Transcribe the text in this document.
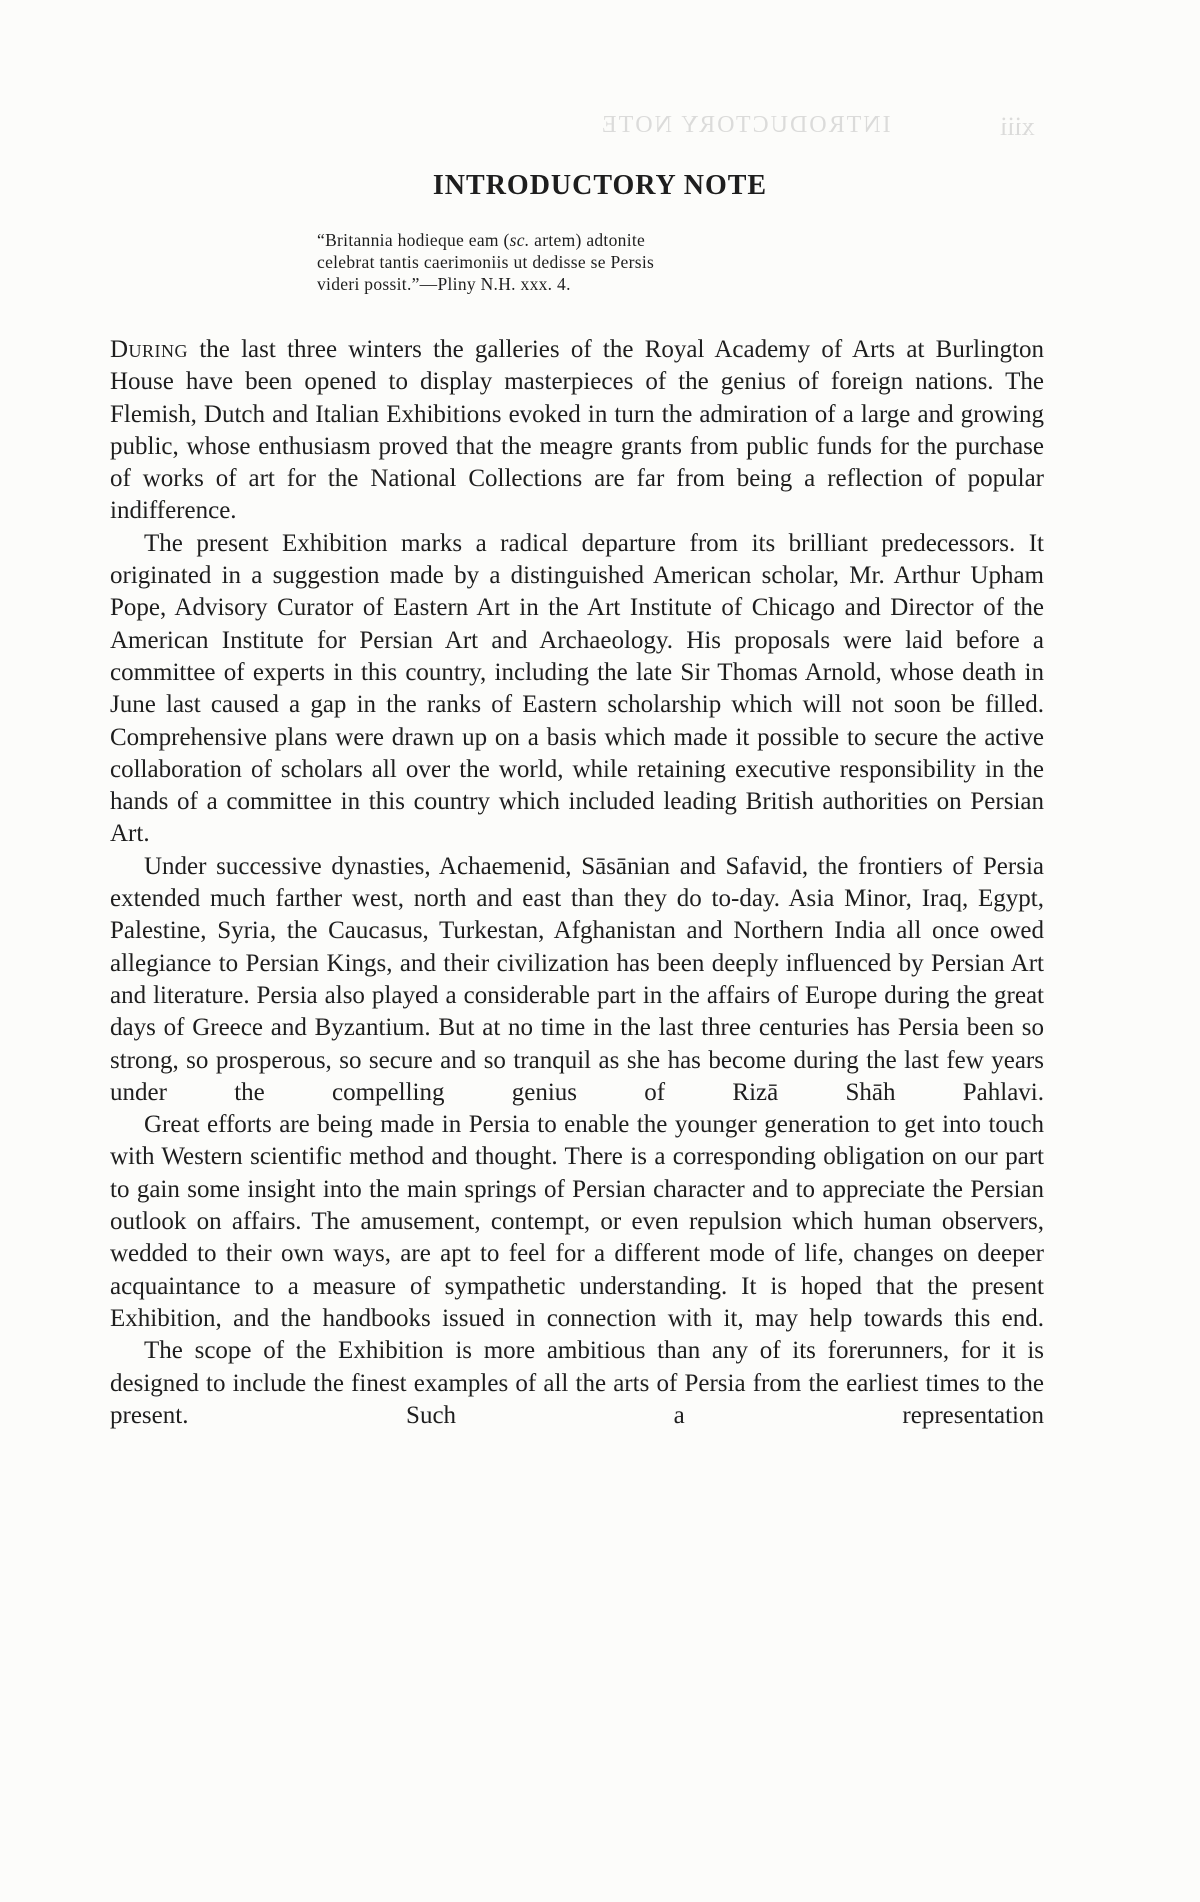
INTRODUCTORY NOTE	xiii
INTRODUCTORY NOTE
“Britannia hodieque eam (sc. artem) adtonite
celebrat tantis caerimoniis ut dedisse se Persis
videri possit.”—Pliny N.H. xxx. 4.

During the last three winters the galleries of the Royal Academy of Arts at Burlington House have been opened to display masterpieces of the genius of foreign nations. The Flemish, Dutch and Italian Exhibitions evoked in turn the admiration of a large and growing public, whose enthusiasm proved that the meagre grants from public funds for the purchase of works of art for the National Collections are far from being a reflection of popular indifference.

The present Exhibition marks a radical departure from its brilliant predecessors. It originated in a suggestion made by a distinguished American scholar, Mr. Arthur Upham Pope, Advisory Curator of Eastern Art in the Art Institute of Chicago and Director of the American Institute for Persian Art and Archaeology. His proposals were laid before a committee of experts in this country, including the late Sir Thomas Arnold, whose death in June last caused a gap in the ranks of Eastern scholarship which will not soon be filled. Comprehensive plans were drawn up on a basis which made it possible to secure the active collaboration of scholars all over the world, while retaining executive responsibility in the hands of a committee in this country which included leading British authorities on Persian Art.

Under successive dynasties, Achaemenid, Sāsānian and Safavid, the frontiers of Persia extended much farther west, north and east than they do to-day. Asia Minor, Iraq, Egypt, Palestine, Syria, the Caucasus, Turkestan, Afghanistan and Northern India all once owed allegiance to Persian Kings, and their civilization has been deeply influenced by Persian Art and literature. Persia also played a considerable part in the affairs of Europe during the great days of Greece and Byzantium. But at no time in the last three centuries has Persia been so strong, so prosperous, so secure and so tranquil as she has become during the last few years under the compelling genius of Rizā Shāh Pahlavi.

Great efforts are being made in Persia to enable the younger generation to get into touch with Western scientific method and thought. There is a corresponding obligation on our part to gain some insight into the main springs of Persian character and to appreciate the Persian outlook on affairs. The amusement, contempt, or even repulsion which human observers, wedded to their own ways, are apt to feel for a different mode of life, changes on deeper acquaintance to a measure of sympathetic understanding. It is hoped that the present Exhibition, and the handbooks issued in connection with it, may help towards this end.

The scope of the Exhibition is more ambitious than any of its forerunners, for it is designed to include the finest examples of all the arts of Persia from the earliest times to the present. Such a representation
